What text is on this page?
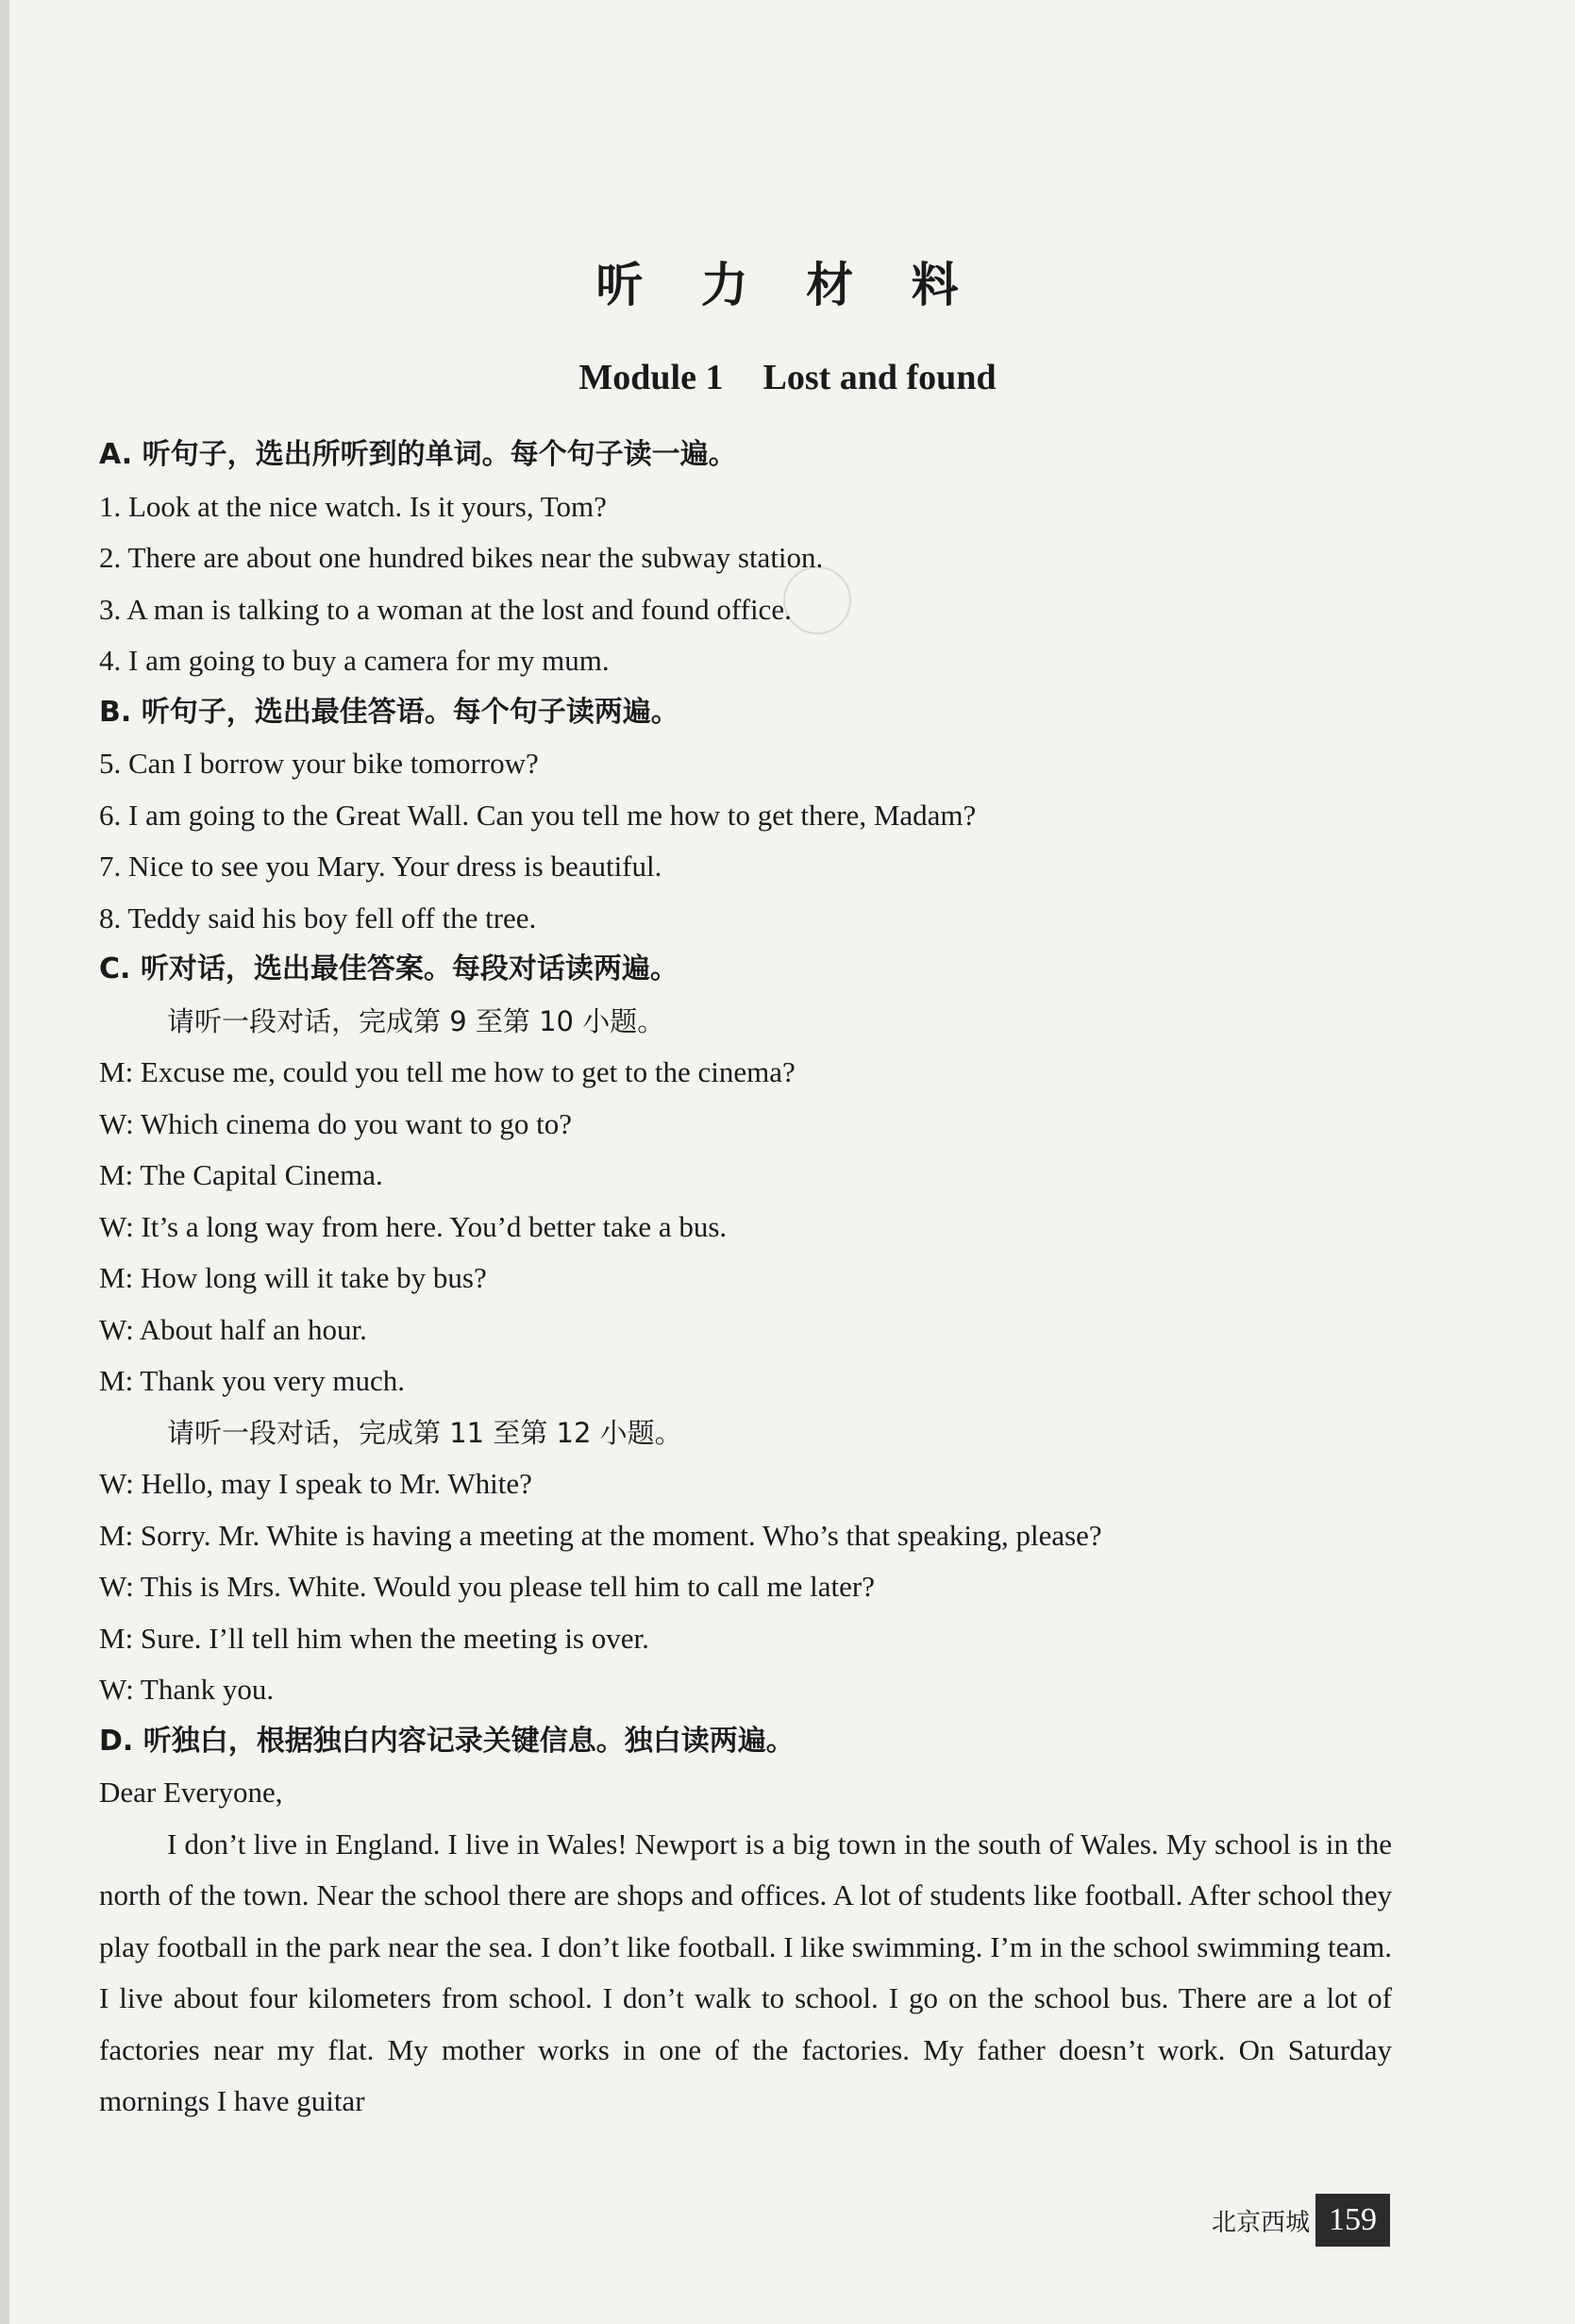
听 力 材 料
Module 1 Lost and found
A. 听句子，选出所听到的单词。每个句子读一遍。
1. Look at the nice watch. Is it yours, Tom?
2. There are about one hundred bikes near the subway station.
3. A man is talking to a woman at the lost and found office.
4. I am going to buy a camera for my mum.
B. 听句子，选出最佳答语。每个句子读两遍。
5. Can I borrow your bike tomorrow?
6. I am going to the Great Wall. Can you tell me how to get there, Madam?
7. Nice to see you Mary. Your dress is beautiful.
8. Teddy said his boy fell off the tree.
C. 听对话，选出最佳答案。每段对话读两遍。
请听一段对话，完成第 9 至第 10 小题。
M: Excuse me, could you tell me how to get to the cinema?
W: Which cinema do you want to go to?
M: The Capital Cinema.
W: It’s a long way from here. You’d better take a bus.
M: How long will it take by bus?
W: About half an hour.
M: Thank you very much.
请听一段对话，完成第 11 至第 12 小题。
W: Hello, may I speak to Mr. White?
M: Sorry. Mr. White is having a meeting at the moment. Who’s that speaking, please?
W: This is Mrs. White. Would you please tell him to call me later?
M: Sure. I’ll tell him when the meeting is over.
W: Thank you.
D. 听独白，根据独白内容记录关键信息。独白读两遍。
Dear Everyone,
I don’t live in England. I live in Wales! Newport is a big town in the south of Wales. My school is in the north of the town. Near the school there are shops and offices. A lot of students like football. After school they play football in the park near the sea. I don’t like football. I like swimming. I’m in the school swimming team. I live about four kilometers from school. I don’t walk to school. I go on the school bus. There are a lot of factories near my flat. My mother works in one of the factories. My father doesn’t work. On Saturday mornings I have guitar
北京西城 159
